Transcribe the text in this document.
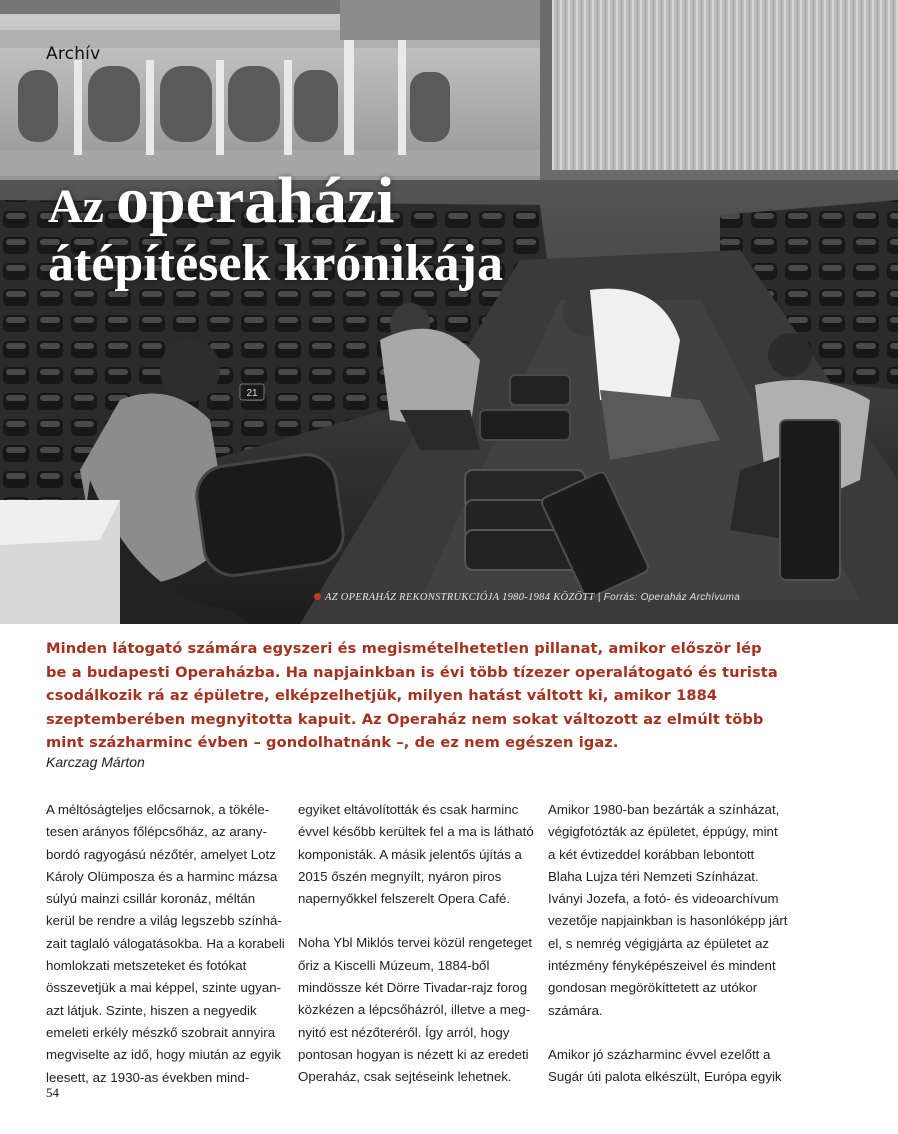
21
Archív
Az operaházi
átépítések krónikája
AZ OPERAHÁZ REKONSTRUKCIÓJA 1980-1984 KÖZÖTT | Forrás: Operaház Archívuma

Minden látogató számára egyszeri és megismételhetetlen pillanat, amikor először lép be a budapesti Operaházba. Ha napjainkban is évi több tízezer operalátogató és turista csodálkozik rá az épületre, elképzelhetjük, milyen hatást váltott ki, amikor 1884 szeptemberében megnyitotta kapuit. Az Operaház nem sokat változott az elmúlt több mint százharminc évben – gondolhatnánk –, de ez nem egészen igaz.

Karczag Márton

A méltóságteljes előcsarnok, a tökéletesen arányos főlépcsőház, az aranybordó ragyogású nézőtér, amelyet Lotz Károly Olümposza és a harminc mázsa súlyú mainzi csillár koronáz, méltán kerül be rendre a világ legszebb színházait taglaló válogatásokba. Ha a korabeli homlokzati metszeteket és fotókat összevetjük a mai képpel, szinte ugyanazt látjuk. Szinte, hiszen a negyedik emeleti erkély mészkő szobrait annyira megviselte az idő, hogy miután az egyik leesett, az 1930-as években mind-

egyiket eltávolították és csak harminc évvel később kerültek fel a ma is látható komponisták. A másik jelentős újítás a 2015 őszén megnyílt, nyáron piros napernyőkkel felszerelt Opera Café.

Noha Ybl Miklós tervei közül rengeteget őriz a Kiscelli Múzeum, 1884-ből mindössze két Dörre Tivadar-rajz forog közkézen a lépcsőházról, illetve a megnyitó est nézőteréről. Így arról, hogy pontosan hogyan is nézett ki az eredeti Operaház, csak sejtéseink lehetnek.

Amikor 1980-ban bezárták a színházat, végigfotózták az épületet, éppúgy, mint a két évtizeddel korábban lebontott Blaha Lujza téri Nemzeti Színházat. Iványi Jozefa, a fotó- és videoarchívum vezetője napjainkban is hasonlóképp járt el, s nemrég végigjárta az épületet az intézmény fényképészeivel és mindent gondosan megörökíttetett az utókor számára.

Amikor jó százharminc évvel ezelőtt a Sugár úti palota elkészült, Európa egyik

54
